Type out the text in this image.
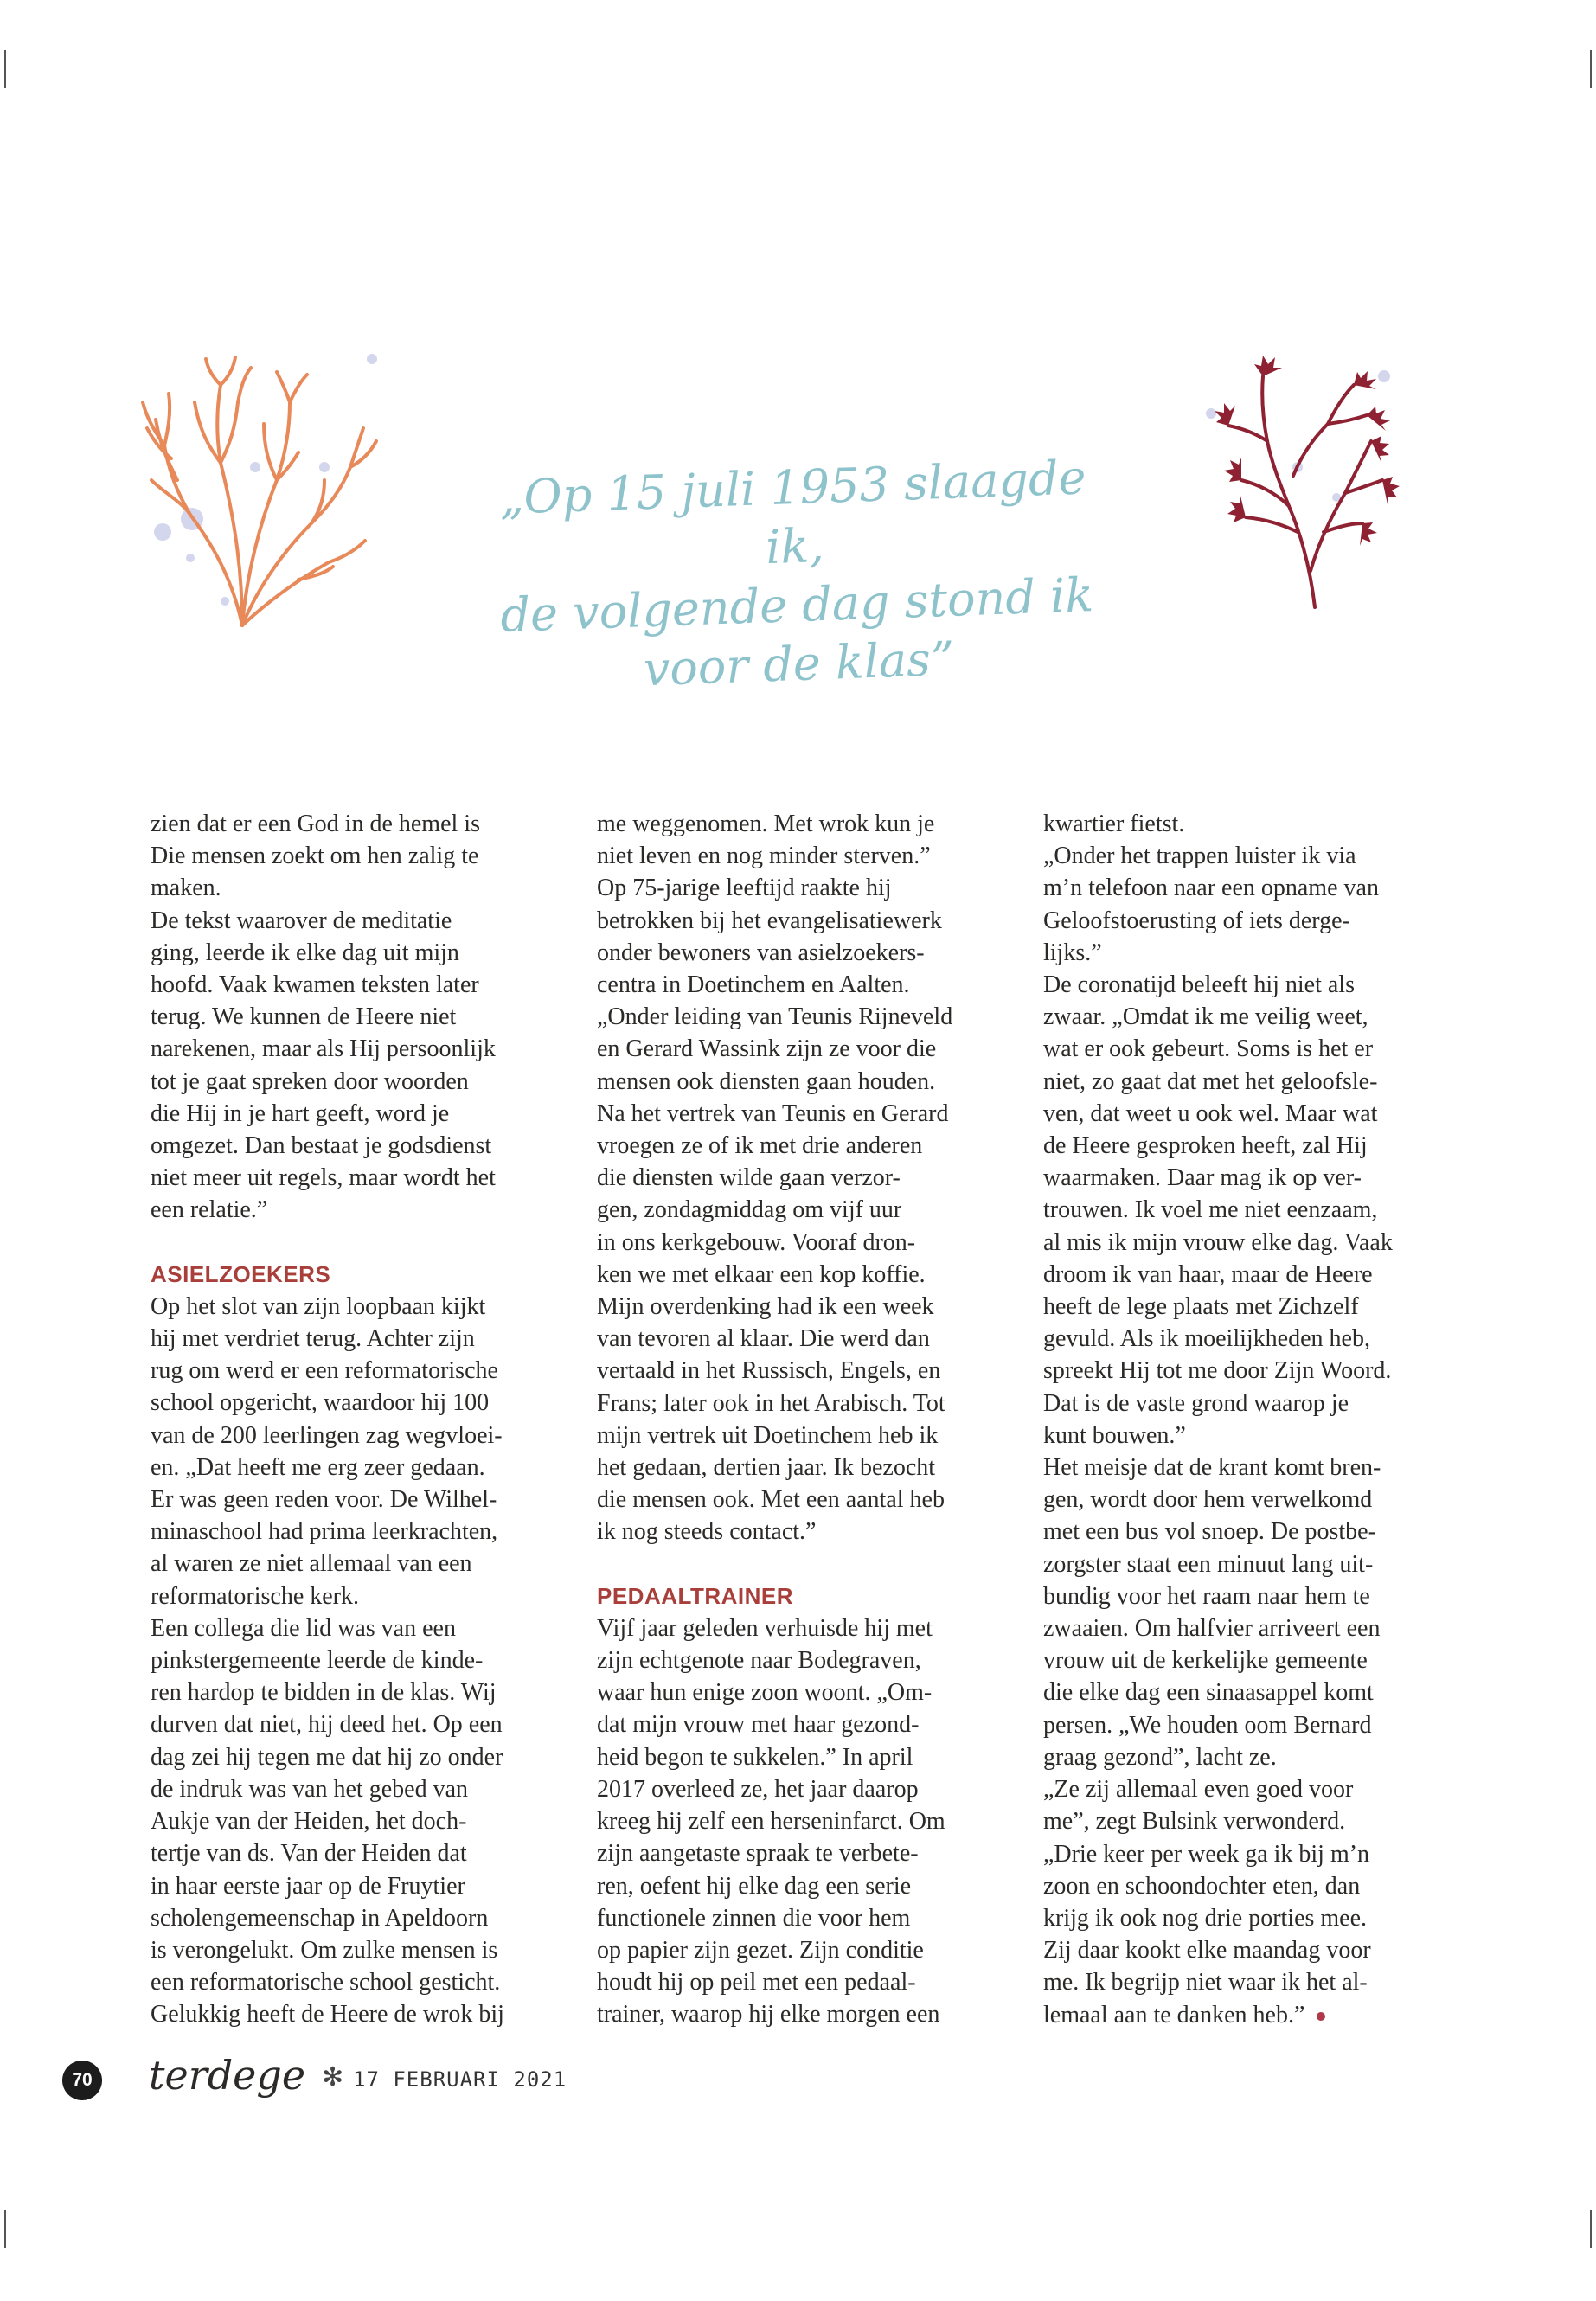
„Op 15 juli 1953 slaagde ik,
de volgende dag stond ik
voor de klas”
zien dat er een God in de hemel is
Die mensen zoekt om hen zalig te
maken.
De tekst waarover de meditatie
ging, leerde ik elke dag uit mijn
hoofd. Vaak kwamen teksten later
terug. We kunnen de Heere niet
narekenen, maar als Hij persoonlijk
tot je gaat spreken door woorden
die Hij in je hart geeft, word je
omgezet. Dan bestaat je godsdienst
niet meer uit regels, maar wordt het
een relatie.”
ASIELZOEKERS
Op het slot van zijn loopbaan kijkt
hij met verdriet terug. Achter zijn
rug om werd er een reformatorische
school opgericht, waardoor hij 100
van de 200 leerlingen zag wegvloei-
en. „Dat heeft me erg zeer gedaan.
Er was geen reden voor. De Wilhel-
minaschool had prima leerkrachten,
al waren ze niet allemaal van een
reformatorische kerk.
Een collega die lid was van een
pinkstergemeente leerde de kinde-
ren hardop te bidden in de klas. Wij
durven dat niet, hij deed het. Op een
dag zei hij tegen me dat hij zo onder
de indruk was van het gebed van
Aukje van der Heiden, het doch-
tertje van ds. Van der Heiden dat
in haar eerste jaar op de Fruytier
scholengemeenschap in Apeldoorn
is verongelukt. Om zulke mensen is
een reformatorische school gesticht.
Gelukkig heeft de Heere de wrok bij
me weggenomen. Met wrok kun je
niet leven en nog minder sterven.”
Op 75-jarige leeftijd raakte hij
betrokken bij het evangelisatiewerk
onder bewoners van asielzoekers-
centra in Doetinchem en Aalten.
„Onder leiding van Teunis Rijneveld
en Gerard Wassink zijn ze voor die
mensen ook diensten gaan houden.
Na het vertrek van Teunis en Gerard
vroegen ze of ik met drie anderen
die diensten wilde gaan verzor-
gen, zondagmiddag om vijf uur
in ons kerkgebouw. Vooraf dron-
ken we met elkaar een kop koffie.
Mijn overdenking had ik een week
van tevoren al klaar. Die werd dan
vertaald in het Russisch, Engels, en
Frans; later ook in het Arabisch. Tot
mijn vertrek uit Doetinchem heb ik
het gedaan, dertien jaar. Ik bezocht
die mensen ook. Met een aantal heb
ik nog steeds contact.”
PEDAALTRAINER
Vijf jaar geleden verhuisde hij met
zijn echtgenote naar Bodegraven,
waar hun enige zoon woont. „Om-
dat mijn vrouw met haar gezond-
heid begon te sukkelen.” In april
2017 overleed ze, het jaar daarop
kreeg hij zelf een herseninfarct. Om
zijn aangetaste spraak te verbete-
ren, oefent hij elke dag een serie
functionele zinnen die voor hem
op papier zijn gezet. Zijn conditie
houdt hij op peil met een pedaal-
trainer, waarop hij elke morgen een
kwartier fietst.
„Onder het trappen luister ik via
m’n telefoon naar een opname van
Geloofstoerusting of iets derge-
lijks.”
De coronatijd beleeft hij niet als
zwaar. „Omdat ik me veilig weet,
wat er ook gebeurt. Soms is het er
niet, zo gaat dat met het geloofsle-
ven, dat weet u ook wel. Maar wat
de Heere gesproken heeft, zal Hij
waarmaken. Daar mag ik op ver-
trouwen. Ik voel me niet eenzaam,
al mis ik mijn vrouw elke dag. Vaak
droom ik van haar, maar de Heere
heeft de lege plaats met Zichzelf
gevuld. Als ik moeilijkheden heb,
spreekt Hij tot me door Zijn Woord.
Dat is de vaste grond waarop je
kunt bouwen.”
Het meisje dat de krant komt bren-
gen, wordt door hem verwelkomd
met een bus vol snoep. De postbe-
zorgster staat een minuut lang uit-
bundig voor het raam naar hem te
zwaaien. Om halfvier arriveert een
vrouw uit de kerkelijke gemeente
die elke dag een sinaasappel komt
persen. „We houden oom Bernard
graag gezond”, lacht ze.
„Ze zij allemaal even goed voor
me”, zegt Bulsink verwonderd.
„Drie keer per week ga ik bij m’n
zoon en schoondochter eten, dan
krijg ik ook nog drie porties mee.
Zij daar kookt elke maandag voor
me. Ik begrijp niet waar ik het al-
lemaal aan te danken heb.”
70 terdege ✻ 17 FEBRUARI 2021
